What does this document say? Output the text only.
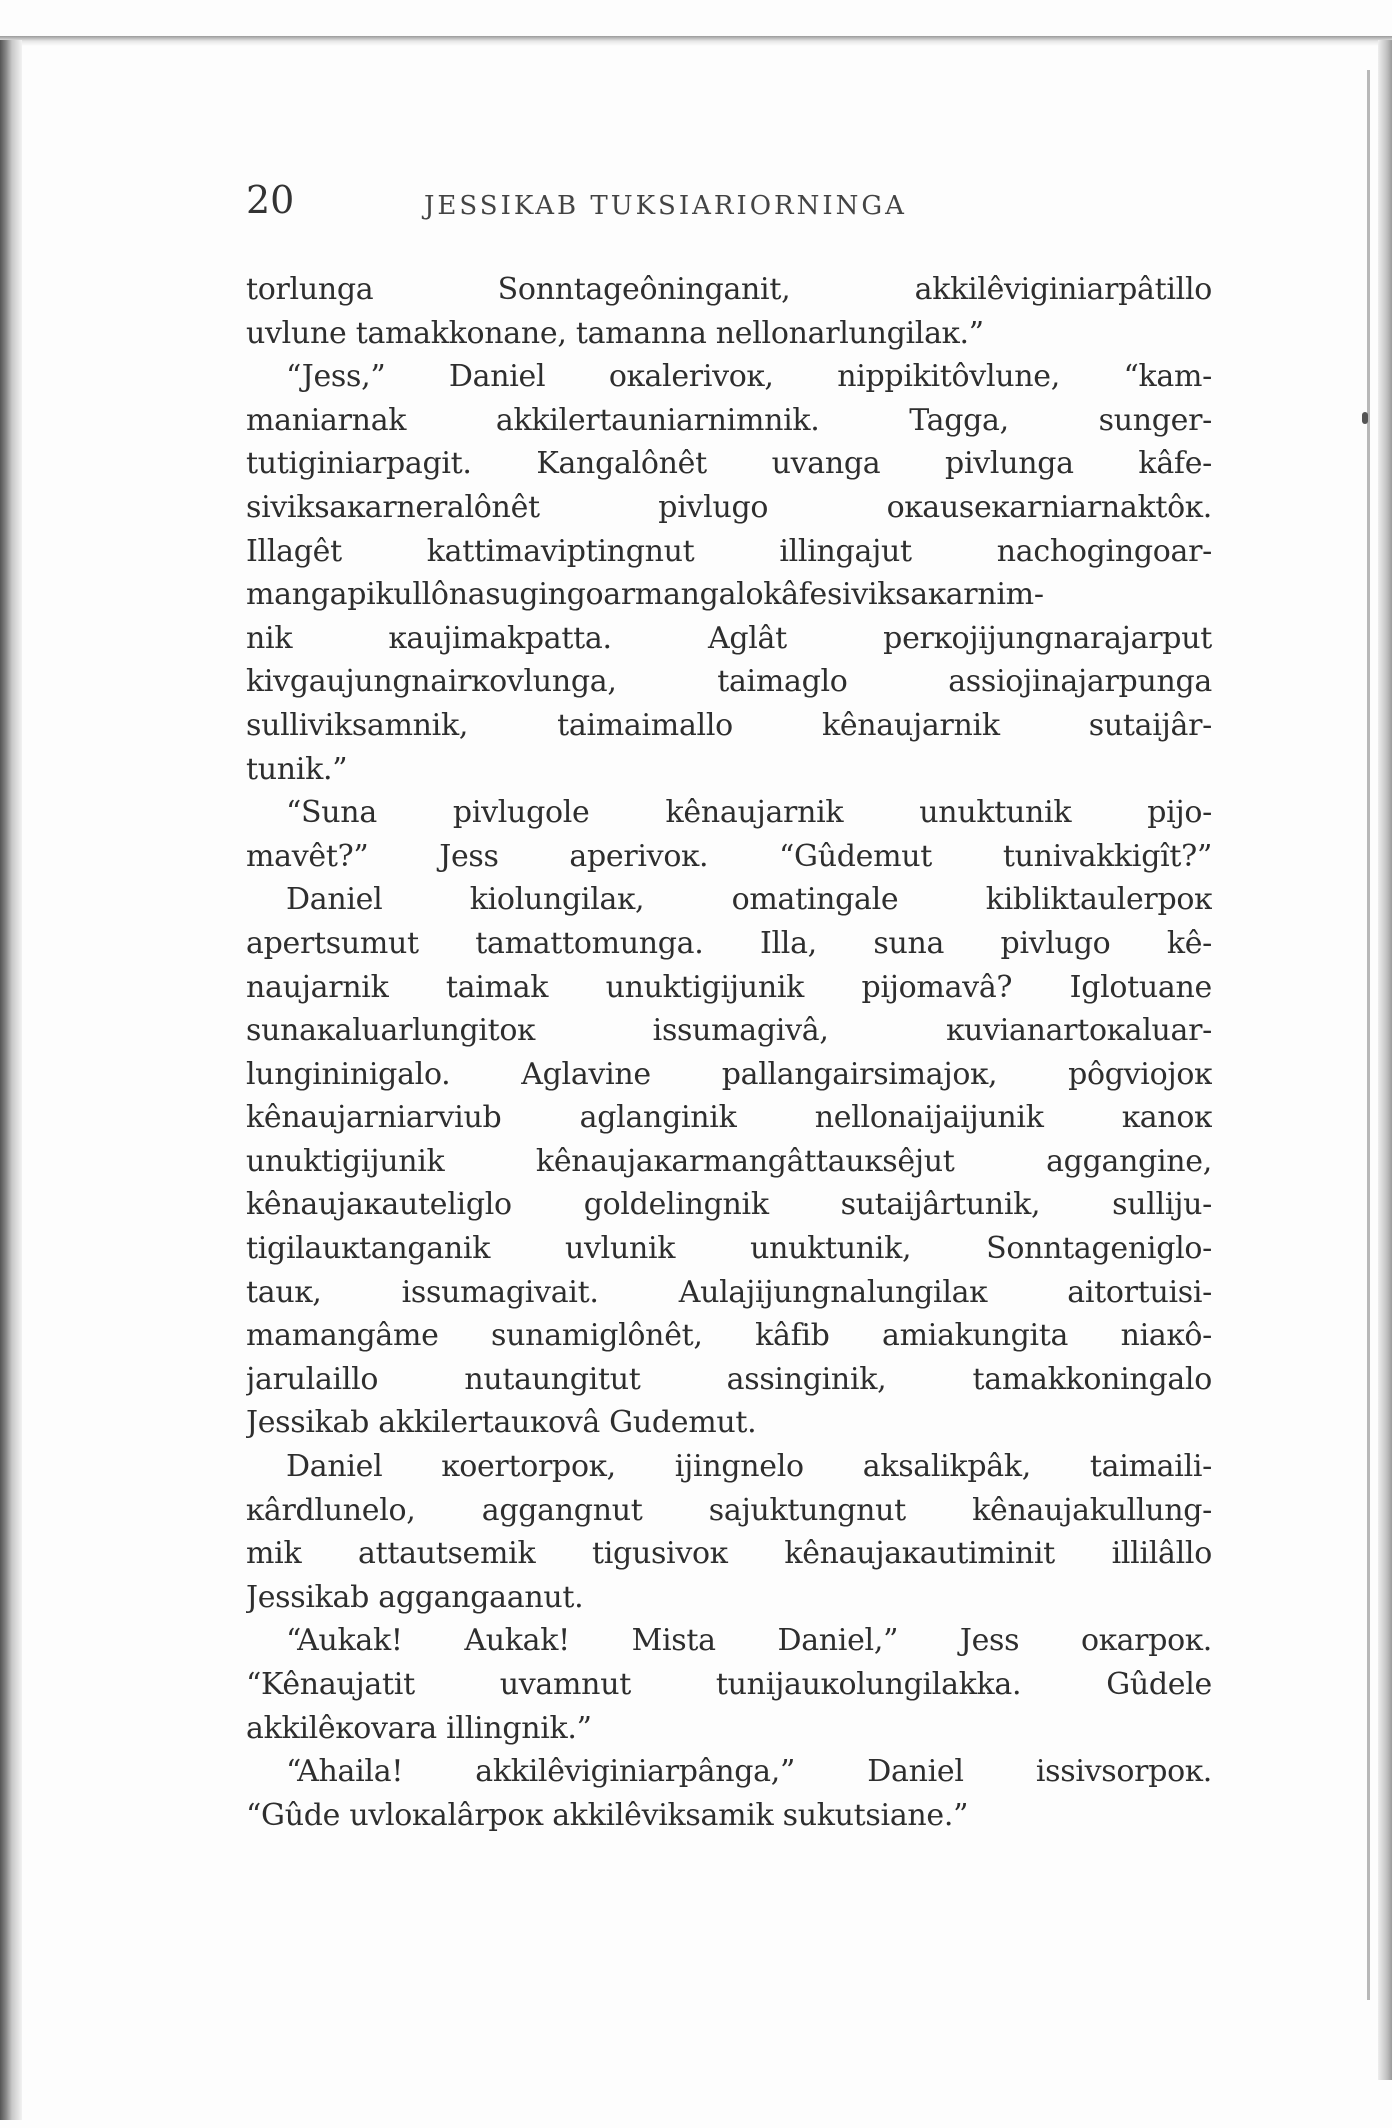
20	JESSIKAB TUKSIARIORNINGA
torlunga Sonntageôninganit, akkilêviginiarpâtillo
uvlune tamakkonane, tamanna nellonarlungilaĸ.”
“Jess,” Daniel oĸalerivoĸ, nippikitôvlune, “kam-
maniarnak akkilertauniarnimnik. Tagga, sunger-
tutiginiarpagit. Kangalônêt uvanga pivlunga kâfe-
siviksaĸarneralônêt pivlugo oĸauseĸarniarnaktôĸ.
Illagêt kattimaviptingnut illingajut nachogingoar-
mangapikullônasugingoarmangalokâfesiviksaĸarnim-
nik ĸaujimakpatta. Aglât perĸojijungnarajarput
kivgaujungnairĸovlunga, taimaglo assiojinajarpunga
sulliviksamnik, taimaimallo kênaujarnik sutaijâr-
tunik.”
“Suna pivlugole kênaujarnik unuktunik pijo-
mavêt?” Jess aperivoĸ. “Gûdemut tunivakkigît?”
Daniel kiolungilaĸ, omatingale kibliktaulerpoĸ
apertsumut tamattomunga. Illa, suna pivlugo kê-
naujarnik taimak unuktigijunik pijomavâ? Iglotuane
sunaĸaluarlungitoĸ issumagivâ, ĸuvianartoĸaluar-
lungininigalo. Aglavine pallangairsimajoĸ, pôgviojoĸ
kênaujarniarviub aglanginik nellonaijaijunik ĸanoĸ
unuktigijunik kênaujaĸarmangâttauĸsêjut aggangine,
kênaujaĸauteliglo goldelingnik sutaijârtunik, sulliju-
tigilauĸtanganik uvlunik unuktunik, Sonntageniglo-
tauĸ, issumagivait. Aulajijungnalungilaĸ aitortuisi-
mamangâme sunamiglônêt, kâfib amiakungita niaĸô-
jarulaillo nutaungitut assinginik, tamakkoningalo
Jessikab akkilertauĸovâ Gudemut.
Daniel ĸoertorpoĸ, ijingnelo aksalikpâk, taimaili-
ĸârdlunelo, aggangnut sajuktungnut kênaujakullung-
mik attautsemik tigusivoĸ kênaujaĸautiminit illilâllo
Jessikab aggangaanut.
“Aukak! Aukak! Mista Daniel,” Jess oĸarpoĸ.
“Kênaujatit uvamnut tunijauĸolungilakka. Gûdele
akkilêĸovara illingnik.”
“Ahaila! akkilêviginiarpânga,” Daniel issivsorpoĸ.
“Gûde uvloĸalârpoĸ akkilêviksamik sukutsiane.”
